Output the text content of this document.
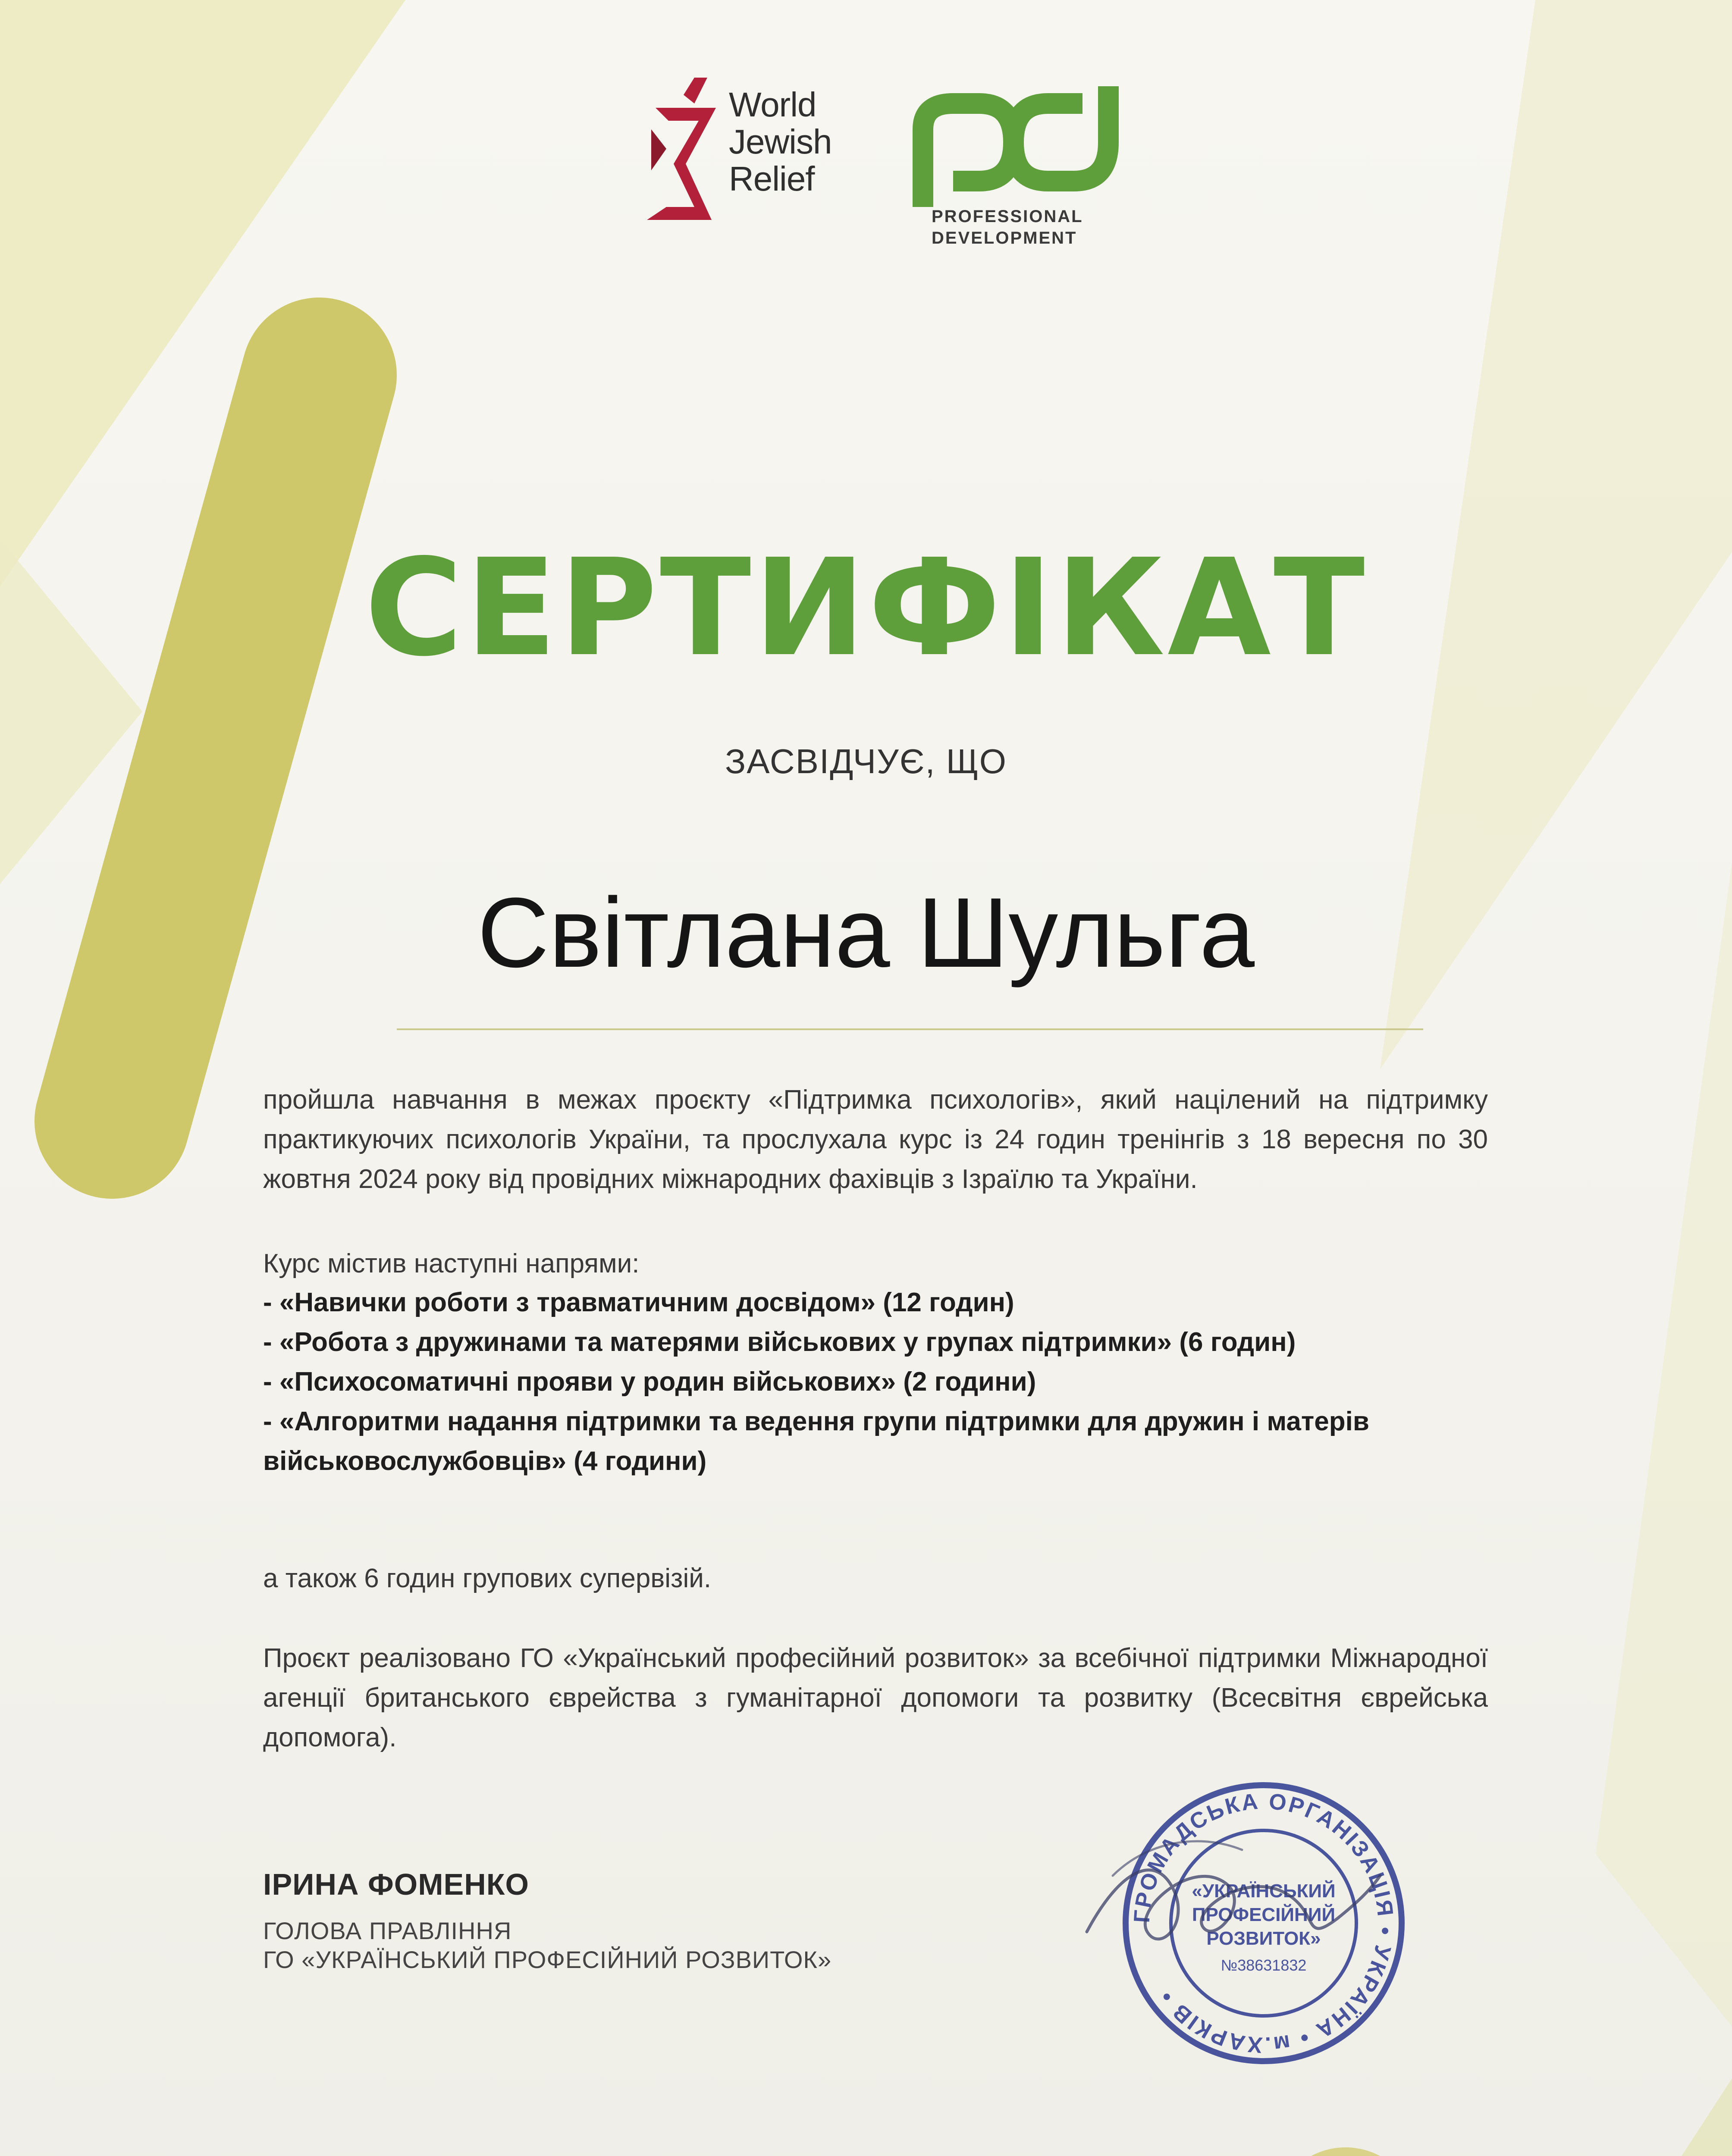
World
Jewish
Relief
PROFESSIONAL
DEVELOPMENT
СЕРТИФІКАТ
ЗАСВІДЧУЄ, ЩО
Світлана Шульга
пройшла навчання в межах проєкту «Підтримка психологів», який націлений на підтримку практикуючих психологів України, та прослухала курс із 24 годин тренінгів з 18 вересня по 30 жовтня 2024 року від провідних міжнародних фахівців з Ізраїлю та України.
Курс містив наступні напрями:
- «Навички роботи з травматичним досвідом» (12 годин)
- «Робота з дружинами та матерями військових у групах підтримки» (6 годин)
- «Психосоматичні прояви у родин військових» (2 години)
- «Алгоритми надання підтримки та ведення групи підтримки для дружин і матерів військовослужбовців» (4 години)
а також 6 годин групових супервізій.
Проєкт реалізовано ГО «Український професійний розвиток» за всебічної підтримки Міжнародної агенції британського єврейства з гуманітарної допомоги та розвитку (Всесвітня єврейська допомога).
ІРИНА ФОМЕНКО
ГОЛОВА ПРАВЛІННЯ
ГО «УКРАЇНСЬКИЙ ПРОФЕСІЙНИЙ РОЗВИТОК»
ГРОМАДСЬКА ОРГАНІЗАЦІЯ • УКРАЇНА • м.ХАРКІВ •
«УКРАЇНСЬКИЙ
ПРОФЕСІЙНИЙ
РОЗВИТОК»
№38631832
